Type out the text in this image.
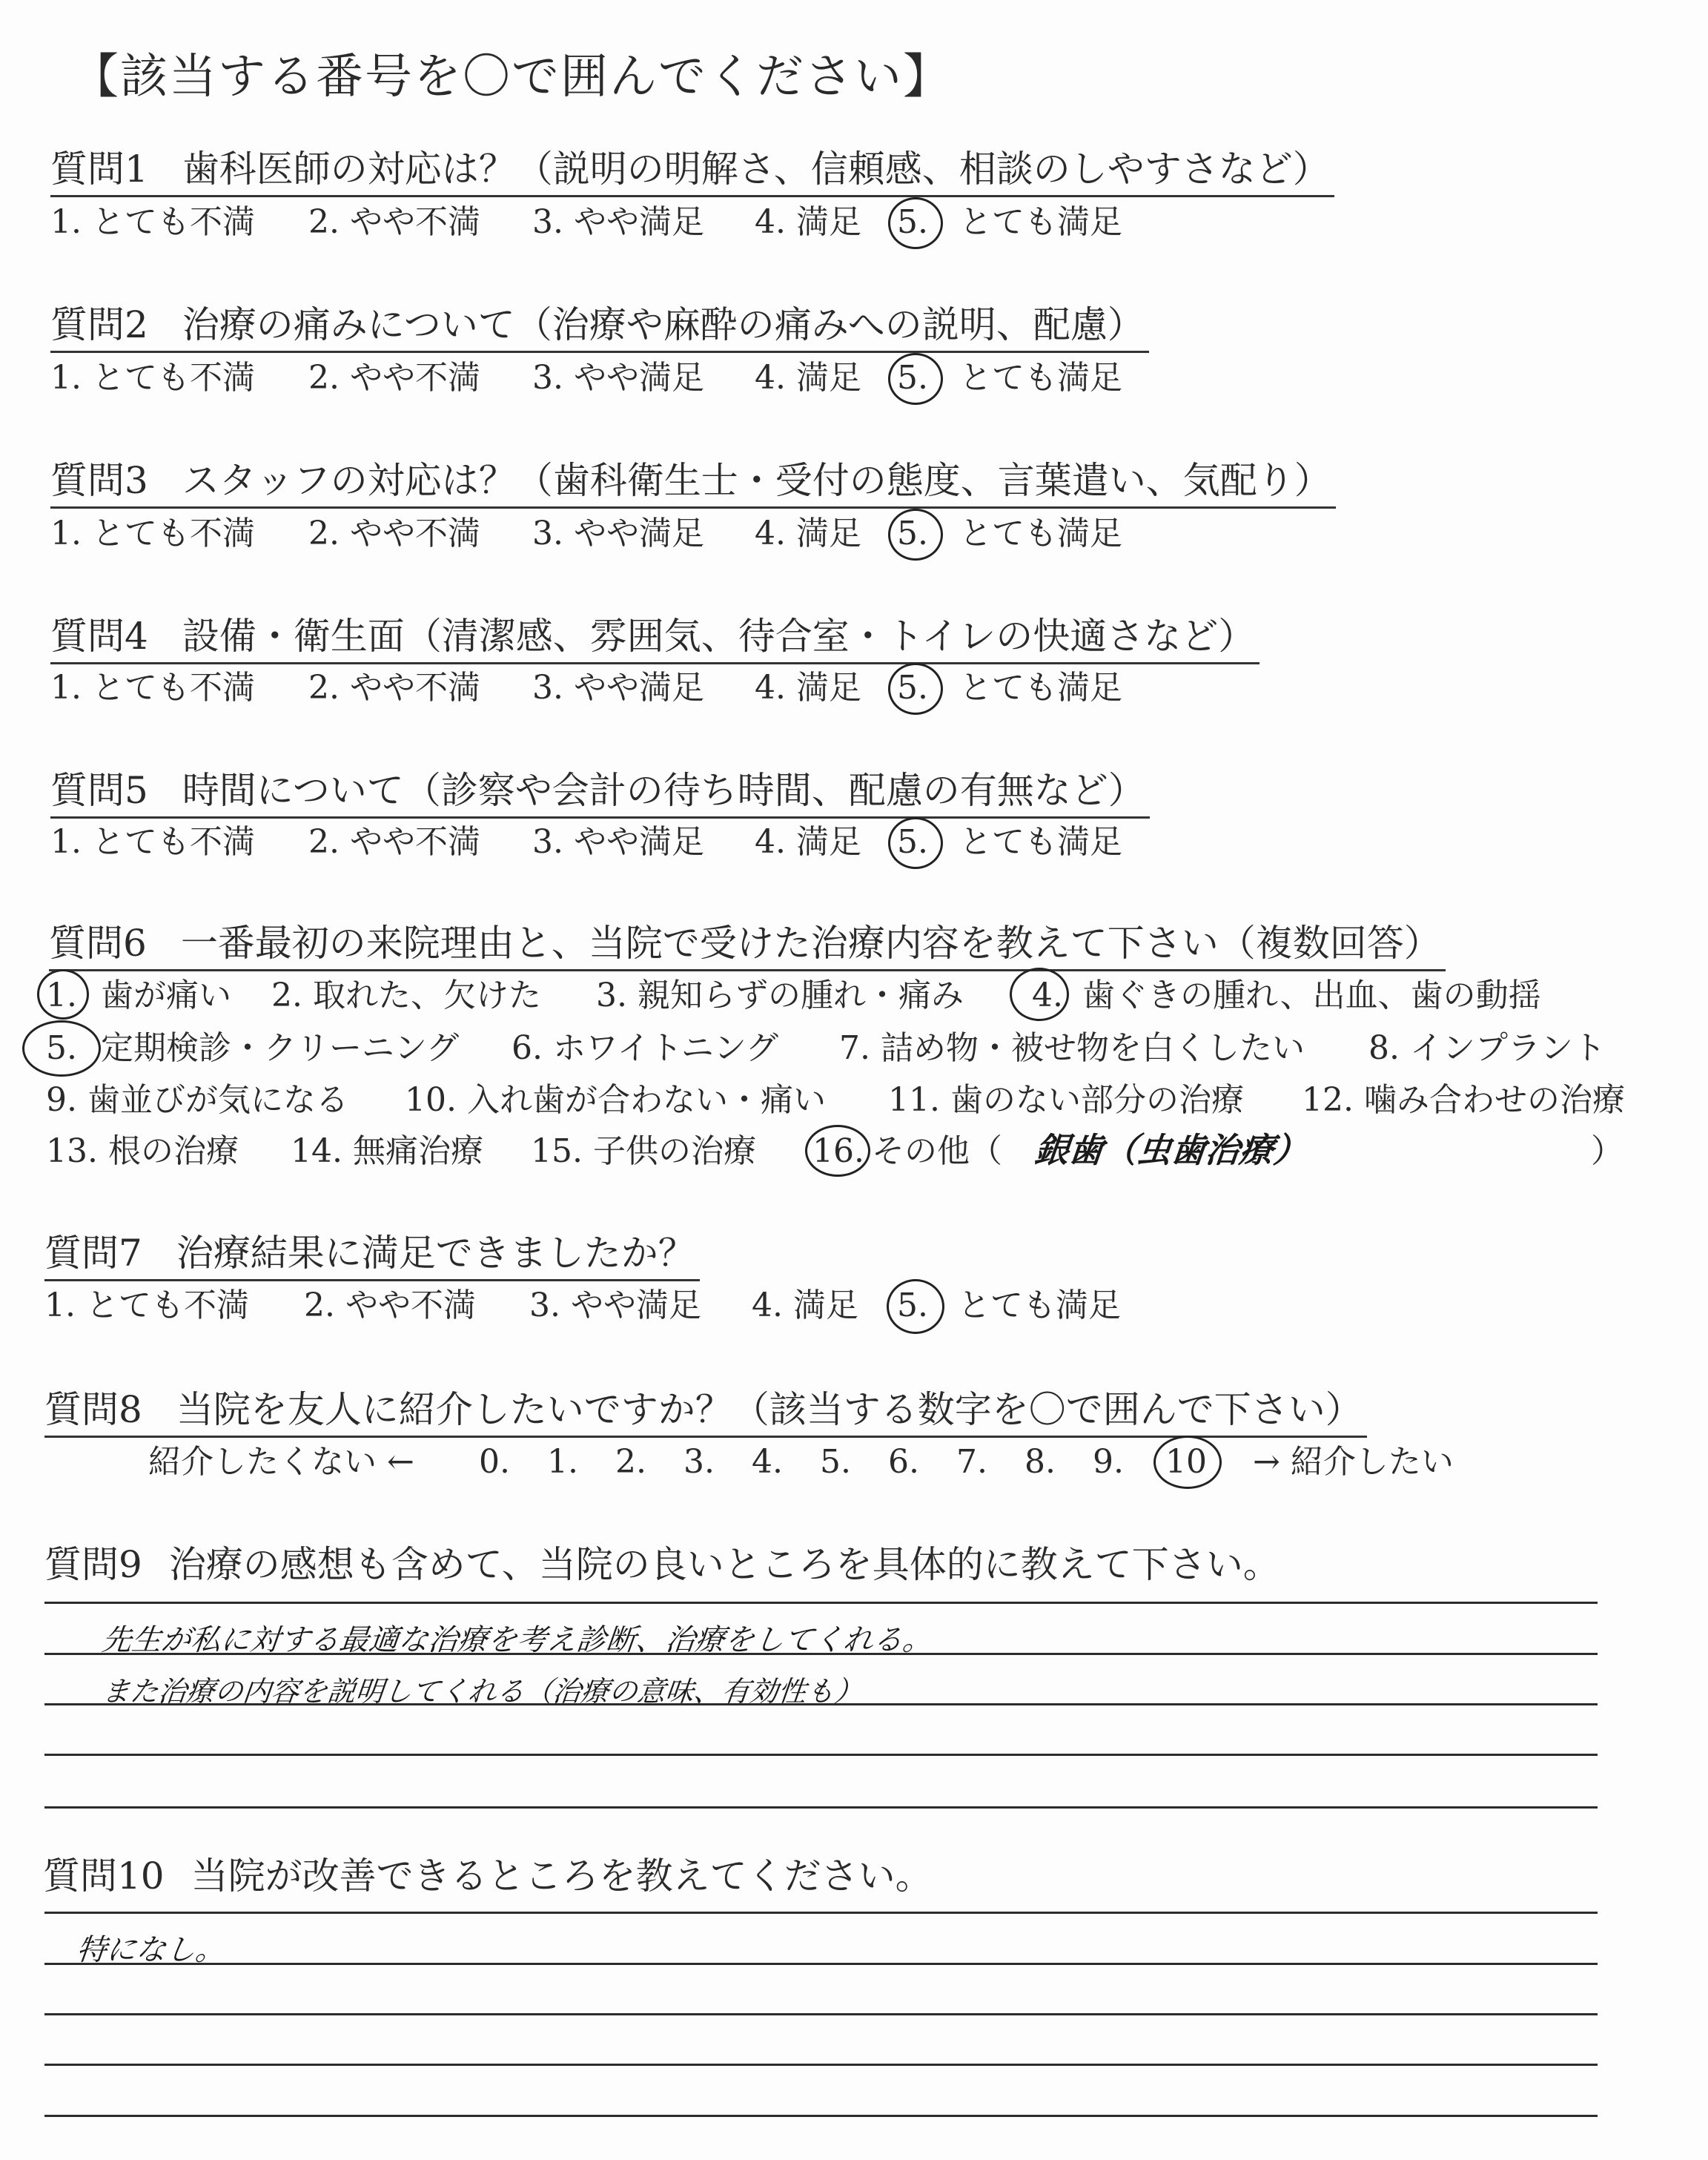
【該当する番号を〇で囲んでください】
質問1 歯科医師の対応は？（説明の明解さ、信頼感、相談のしやすさなど）
1. とても不満 2. やや不満 3. やや満足 4. 満足 5. とても満足
質問2 治療の痛みについて（治療や麻酔の痛みへの説明、配慮）
1. とても不満 2. やや不満 3. やや満足 4. 満足 5. とても満足
質問3 スタッフの対応は？（歯科衛生士・受付の態度、言葉遣い、気配り）
1. とても不満 2. やや不満 3. やや満足 4. 満足 5. とても満足
質問4 設備・衛生面（清潔感、雰囲気、待合室・トイレの快適さなど）
1. とても不満 2. やや不満 3. やや満足 4. 満足 5. とても満足
質問5 時間について（診察や会計の待ち時間、配慮の有無など）
1. とても不満 2. やや不満 3. やや満足 4. 満足 5. とても満足
質問6 一番最初の来院理由と、当院で受けた治療内容を教えて下さい（複数回答）
1. 歯が痛い 2. 取れた、欠けた 3. 親知らずの腫れ・痛み 4. 歯ぐきの腫れ、出血、歯の動揺
5. 定期検診・クリーニング 6. ホワイトニング 7. 詰め物・被せ物を白くしたい 8. インプラント
9. 歯並びが気になる 10. 入れ歯が合わない・痛い 11. 歯のない部分の治療 12. 噛み合わせの治療
13. 根の治療 14. 無痛治療 15. 子供の治療 16. その他（	）
銀歯（虫歯治療）
質問7 治療結果に満足できましたか？
1. とても不満 2. やや不満 3. やや満足 4. 満足 5. とても満足
質問8 当院を友人に紹介したいですか？（該当する数字を〇で囲んで下さい）
紹介したくない ← 0. 1. 2. 3. 4. 5. 6. 7. 8. 9. 10 → 紹介したい
質問9 治療の感想も含めて、当院の良いところを具体的に教えて下さい。
先生が私に対する最適な治療を考え診断、治療をしてくれる。
また治療の内容を説明してくれる（治療の意味、有効性も）
質問10 当院が改善できるところを教えてください。
特になし。
